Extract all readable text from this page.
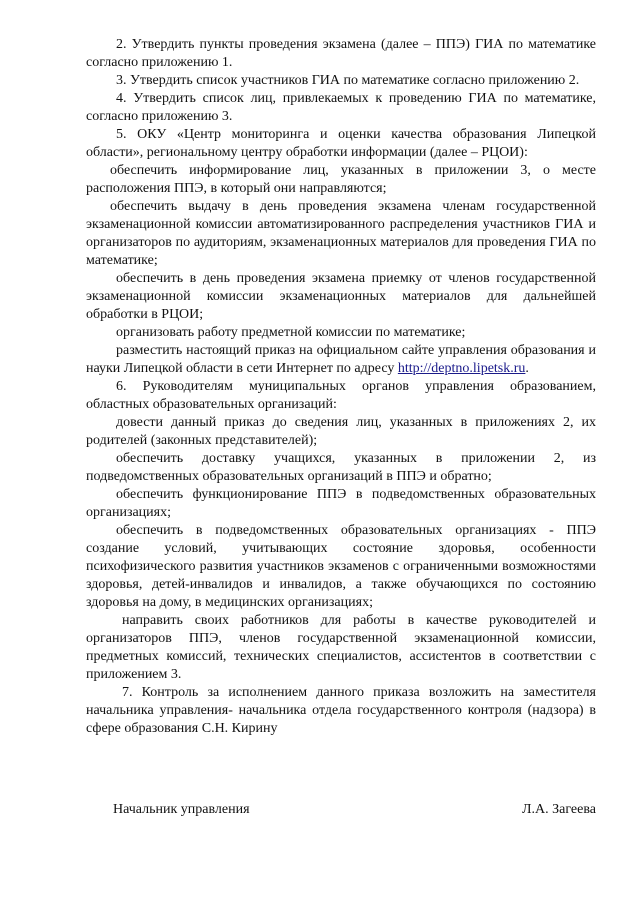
2. Утвердить пункты проведения экзамена (далее – ППЭ) ГИА по математике согласно приложению 1.

3. Утвердить список участников ГИА по математике согласно приложению 2.

4. Утвердить список лиц, привлекаемых к проведению ГИА по математике, согласно приложению 3.

5. ОКУ «Центр мониторинга и оценки качества образования Липецкой области», региональному центру обработки информации (далее – РЦОИ):

обеспечить информирование лиц, указанных в приложении 3, о месте расположения ППЭ, в который они направляются;

обеспечить выдачу в день проведения экзамена членам государственной экзаменационной комиссии автоматизированного распределения участников ГИА и организаторов по аудиториям, экзаменационных материалов для проведения ГИА по математике;

обеспечить в день проведения экзамена приемку от членов государственной экзаменационной комиссии экзаменационных материалов для дальнейшей обработки в РЦОИ;

организовать работу предметной комиссии по математике;

разместить настоящий приказ на официальном сайте управления образования и науки Липецкой области в сети Интернет по адресу http://deptno.lipetsk.ru.

6. Руководителям муниципальных органов управления образованием, областных образовательных организаций:

довести данный приказ до сведения лиц, указанных в приложениях 2, их родителей (законных представителей);

обеспечить доставку учащихся, указанных в приложении 2, из подведомственных образовательных организаций в ППЭ и обратно;

обеспечить функционирование ППЭ в подведомственных образовательных организациях;

обеспечить в подведомственных образовательных организациях - ППЭ создание условий, учитывающих состояние здоровья, особенности психофизического развития участников экзаменов с ограниченными возможностями здоровья, детей-инвалидов и инвалидов, а также обучающихся по состоянию здоровья на дому, в медицинских организациях;

направить своих работников для работы в качестве руководителей и организаторов ППЭ, членов государственной экзаменационной комиссии, предметных комиссий, технических специалистов, ассистентов в соответствии с приложением 3.

7. Контроль за исполнением данного приказа возложить на заместителя начальника управления- начальника отдела государственного контроля (надзора) в сфере образования С.Н. Кирину

Начальник управления	Л.А. Загеева
